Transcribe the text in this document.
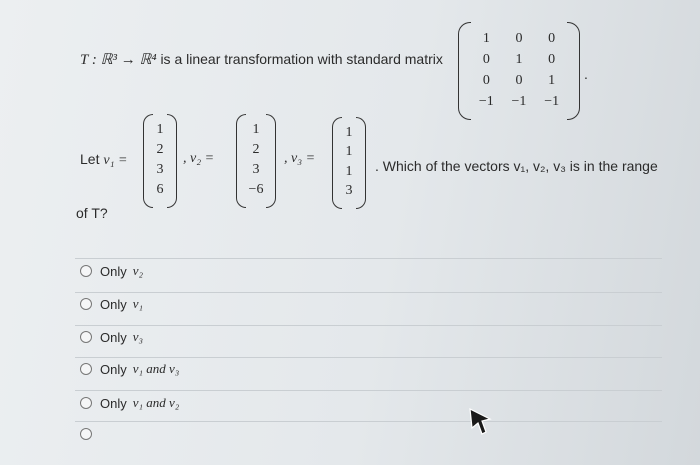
T : ℝ³ → ℝ⁴ is a linear transformation with standard matrix
1	0	0
0	1	0
0	0	1
−1	−1	−1
.
Let v₁ =
1
2
3
6
, v₂ =
1
2
3
−6
, v₃ =
1
1
1
3
. Which of the vectors v₁, v₂, v₃ is in the range
of T?
Only v₂
Only v₁
Only v₃
Only v₁ and v₃
Only v₁ and v₂
